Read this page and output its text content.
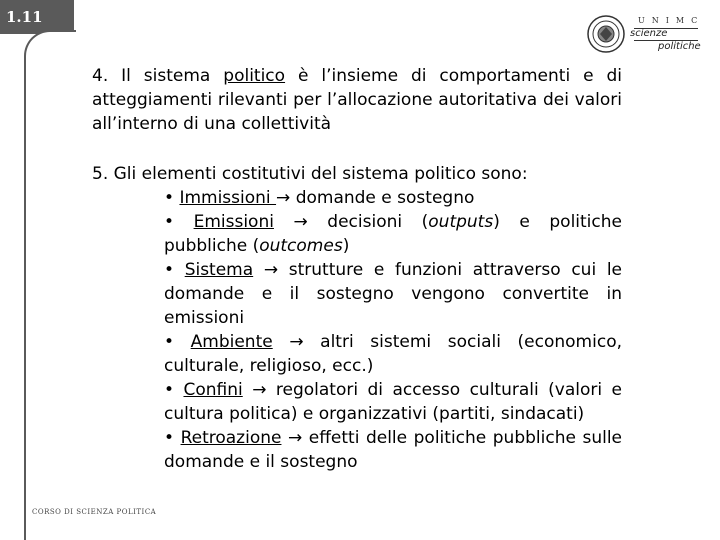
1.11	UNIMC
scienze
politiche

4. Il sistema politico è l’insieme di comportamenti e di atteggiamenti rilevanti per l’allocazione autoritativa dei valori all’interno di una collettività

5. Gli elementi costitutivi del sistema politico sono:

• Immissioni → domande e sostegno

• Emissioni → decisioni (outputs) e politiche pubbliche (outcomes)

• Sistema → strutture e funzioni attraverso cui le domande e il sostegno vengono convertite in emissioni

• Ambiente → altri sistemi sociali (economico, culturale, religioso, ecc.)

• Confini → regolatori di accesso culturali (valori e cultura politica) e organizzativi (partiti, sindacati)

• Retroazione → effetti delle politiche pubbliche sulle domande e il sostegno

CORSO DI SCIENZA POLITICA
